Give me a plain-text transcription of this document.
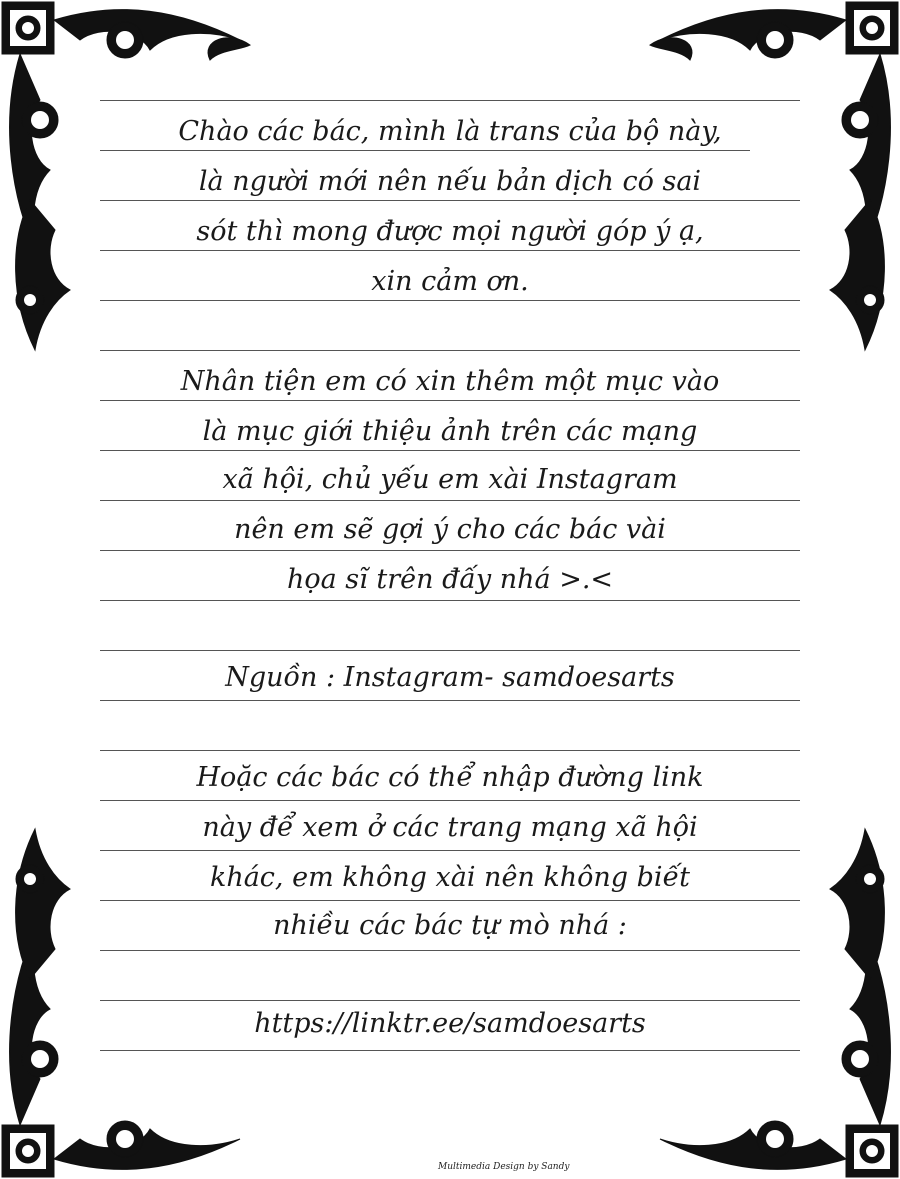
Chào các bác, mình là trans của bộ này,
là người mới nên nếu bản dịch có sai
sót thì mong được mọi người góp ý ạ,
xin cảm ơn.
Nhân tiện em có xin thêm một mục vào
là mục giới thiệu ảnh trên các mạng
xã hội, chủ yếu em xài Instagram
nên em sẽ gợi ý cho các bác vài
họa sĩ trên đấy nhá >.<
Nguồn : Instagram- samdoesarts
Hoặc các bác có thể nhập đường link
này để xem ở các trang mạng xã hội
khác, em không xài nên không biết
nhiều các bác tự mò nhá :
https://linktr.ee/samdoesarts
Multimedia Design by Sandy
